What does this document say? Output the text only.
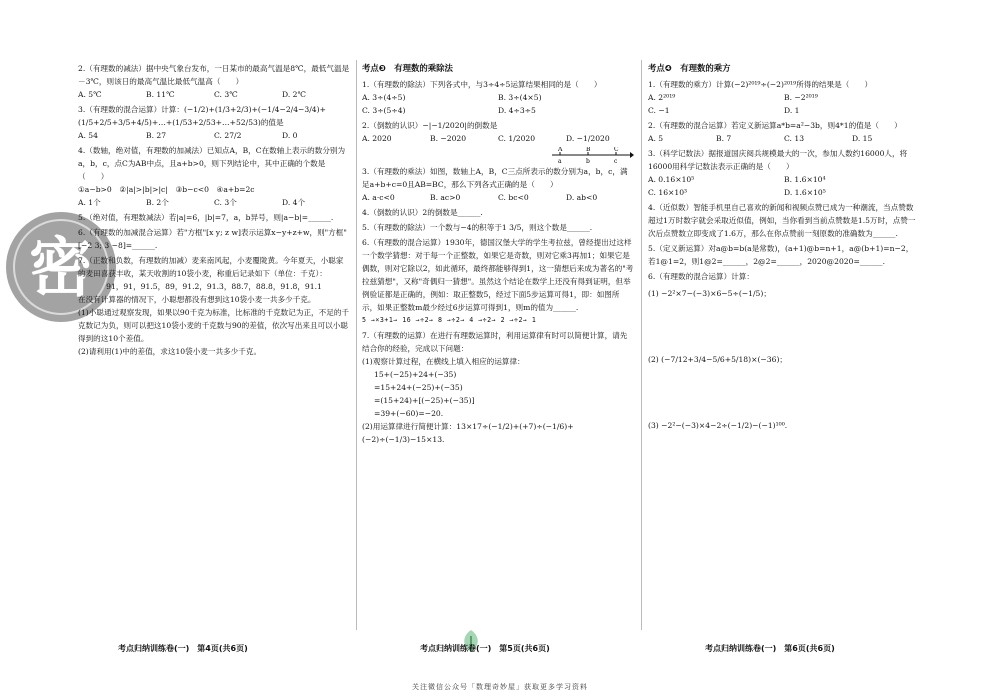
密

2.（有理数的减法）据中央气象台发布，一日某市的最高气温是8℃，最低气温是－3℃，则该日的最高气温比最低气温高（　　）

A. 5℃	B. 11℃	C. 3℃	D. 2℃

3.（有理数的混合运算）计算：(−1/2)+(1/3+2/3)+(−1/4−2/4−3/4)+(1/5+2/5+3/5+4/5)+…+(1/53+2/53+…+52/53)的值是

A. 54	B. 27	C. 27/2	D. 0

4.（数轴，绝对值，有理数的加减法）已知点A，B，C在数轴上表示的数分别为a，b，c，点C为AB中点，且a+b>0，则下列结论中，其中正确的个数是（　　）

①a−b>0　②|a|>|b|>|c|　③b−c<0　④a+b=2c

A. 1个	B. 2个	C. 3个	D. 4个

5.（绝对值，有理数减法）若|a|=6，|b|=7，a，b异号，则|a−b|=______.

6.（有理数的加减混合运算）若"方框"[x y; z w]表示运算x−y+z+w，则"方框"[−2 3; 3 −8]=______.

7.（正数和负数，有理数的加减）麦来南风起，小麦覆陇黄。今年夏天，小聪家的麦田喜获丰收，某天收割的10袋小麦，称重后记录如下（单位：千克）：

91，91，91.5，89，91.2，91.3，88.7，88.8，91.8，91.1

在没有计算器的情况下，小聪想都没有想到这10袋小麦一共多少千克。

(1)小聪通过观察发现，如果以90千克为标准，比标准的千克数记为正，不足的千克数记为负，则可以把这10袋小麦的千克数与90的差值，依次写出来且可以小聪得到的这10个差值。

(2)请利用(1)中的差值，求这10袋小麦一共多少千克。

考点❸　有理数的乘除法

1.（有理数的除法）下列各式中，与3÷4÷5运算结果相同的是（　　）

A. 3÷(4÷5)	B. 3÷(4×5)
C. 3÷(5÷4)	D. 4÷3÷5

2.（倒数的认识）−|−1/2020|的倒数是

A. 2020	B. −2020	C. 1/2020	D. −1/2020
A	B	C
a	b	c

3.（有理数的乘法）如图，数轴上A，B，C三点所表示的数分别为a，b，c，满足a+b+c=0且AB=BC，那么下列各式正确的是（　　）

A. a·c<0	B. ac>0	C. bc<0	D. ab<0

4.（倒数的认识）2的倒数是______.

5.（有理数的除法）一个数与−4的积等于1 3/5，则这个数是______.

6.（有理数的混合运算）1930年，德国汉堡大学的学生考拉兹，曾经提出过这样一个数学猜想：对于每一个正整数，如果它是奇数，则对它乘3再加1；如果它是偶数，则对它除以2，如此循环，最终都能够得到1，这一猜想后来成为著名的"考拉兹猜想"，又称"奇偶归一猜想"。虽然这个结论在数学上还没有得到证明，但举例验证都是正确的，例如：取正整数5，经过下面5步运算可得1，即：如图所示，如果正整数m最少经过6步运算可得到1，则m的值为______.

5 →×3+1→ 16 →÷2→ 8 →÷2→ 4 →÷2→ 2 →÷2→ 1

7.（有理数的运算）在进行有理数运算时，利用运算律有时可以简便计算，请先结合你的经验，完成以下问题：

(1)观察计算过程，在横线上填入相应的运算律：

15+(−25)+24+(−35)

=15+24+(−25)+(−35)

=(15+24)+[(−25)+(−35)]

=39+(−60)=−20.

(2)用运算律进行简便计算：13×17÷(−1/2)+(+7)÷(−1/6)+(−2)÷(−1/3)−15×13.

考点❹　有理数的乘方

1.（有理数的乘方）计算(−2)²⁰¹⁹÷(−2)²⁰¹⁹所得的结果是（　　）

A. 2²⁰¹⁹	B. −2²⁰¹⁹
C. −1	D. 1

2.（有理数的混合运算）若定义新运算a*b=a²−3b，则4*1的值是（　　）

A. 5	B. 7	C. 13	D. 15

3.（科学记数法）据报道国庆阅兵规模最大的一次，参加人数约16000人，将16000用科学记数法表示正确的是（　　）

A. 0.16×10⁵	B. 1.6×10⁴
C. 16×10³	D. 1.6×10⁵

4.（近似数）智能手机里自己喜欢的新闻和视频点赞已成为一种潮流，当点赞数超过1万时数字就会采取近似值，例如，当你看到当前点赞数是1.5万时，点赞一次后点赞数立即变成了1.6万，那么在你点赞前一刻原数的准确数为______.

5.（定义新运算）对a@b=b(a是常数)，(a+1)@b=n+1，a@(b+1)=n−2，若1@1=2，则1@2=______，2@2=______，2020@2020=______.

6.（有理数的混合运算）计算：

(1) −2²×7−(−3)×6−5÷(−1/5)；

(2) (−7/12+3/4−5/6+5/18)×(−36)；

(3) −2²−(−3)×4−2÷(−1/2)−(−1)¹⁰⁰.

考点归纳训练卷(一)　第4页(共6页)	考点归纳训练卷(一)　第5页(共6页)	考点归纳训练卷(一)　第6页(共6页)
关注微信公众号「数理奇妙屋」获取更多学习资料
